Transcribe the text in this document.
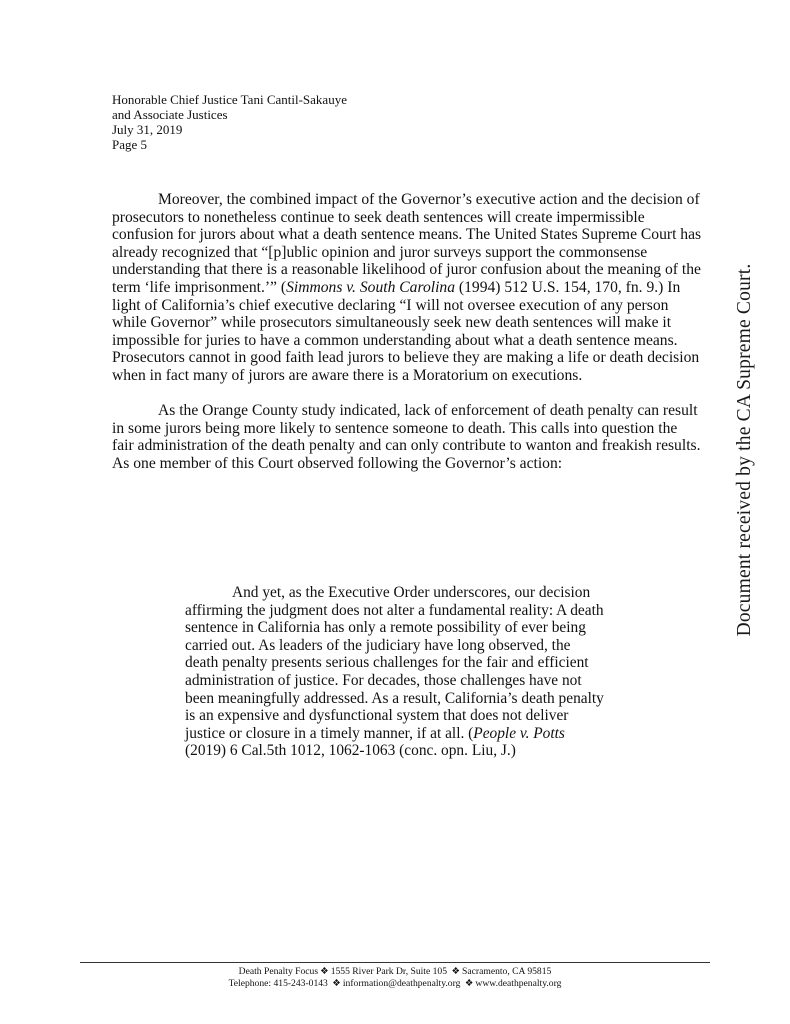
Honorable Chief Justice Tani Cantil-Sakauye
and Associate Justices
July 31, 2019
Page 5

Moreover, the combined impact of the Governor’s executive action and the decision of prosecutors to nonetheless continue to seek death sentences will create impermissible confusion for jurors about what a death sentence means. The United States Supreme Court has already recognized that “[p]ublic opinion and juror surveys support the commonsense understanding that there is a reasonable likelihood of juror confusion about the meaning of the term ‘life imprisonment.’” (Simmons v. South Carolina (1994) 512 U.S. 154, 170, fn. 9.) In light of California’s chief executive declaring “I will not oversee execution of any person while Governor” while prosecutors simultaneously seek new death sentences will make it impossible for juries to have a common understanding about what a death sentence means. Prosecutors cannot in good faith lead jurors to believe they are making a life or death decision when in fact many of jurors are aware there is a Moratorium on executions.

As the Orange County study indicated, lack of enforcement of death penalty can result in some jurors being more likely to sentence someone to death. This calls into question the fair administration of the death penalty and can only contribute to wanton and freakish results. As one member of this Court observed following the Governor’s action:

And yet, as the Executive Order underscores, our decision affirming the judgment does not alter a fundamental reality: A death sentence in California has only a remote possibility of ever being carried out. As leaders of the judiciary have long observed, the death penalty presents serious challenges for the fair and efficient administration of justice. For decades, those challenges have not been meaningfully addressed. As a result, California’s death penalty is an expensive and dysfunctional system that does not deliver justice or closure in a timely manner, if at all. (People v. Potts (2019) 6 Cal.5th 1012, 1062-1063 (conc. opn. Liu, J.)

Document received by the CA Supreme Court.
Death Penalty Focus ❖ 1555 River Park Dr, Suite 105 ❖ Sacramento, CA 95815
Telephone: 415-243-0143 ❖ information@deathpenalty.org ❖ www.deathpenalty.org
